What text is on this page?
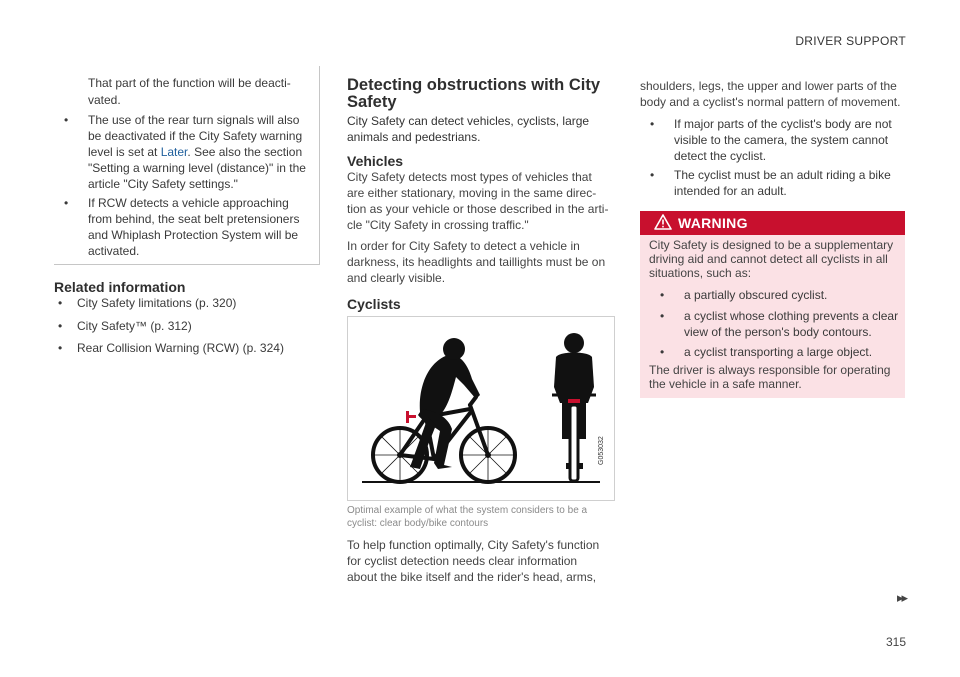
DRIVER SUPPORT
That part of the function will be deacti-
vated.
• The use of the rear turn signals will also
be deactivated if the City Safety warning
level is set at Later. See also the section
"Setting a warning level (distance)" in the
article "City Safety settings."
• If RCW detects a vehicle approaching
from behind, the seat belt pretensioners
and Whiplash Protection System will be
activated.
Related information
• City Safety limitations (p. 320)
• City Safety™ (p. 312)
• Rear Collision Warning (RCW) (p. 324)
Detecting obstructions with City
Safety
City Safety can detect vehicles, cyclists, large
animals and pedestrians.
Vehicles
City Safety detects most types of vehicles that
are either stationary, moving in the same direc-
tion as your vehicle or those described in the arti-
cle "City Safety in crossing traffic."
In order for City Safety to detect a vehicle in
darkness, its headlights and taillights must be on
and clearly visible.
Cyclists
G053032
Optimal example of what the system considers to be a
cyclist: clear body/bike contours
To help function optimally, City Safety's function
for cyclist detection needs clear information
about the bike itself and the rider's head, arms,
shoulders, legs, the upper and lower parts of the
body and a cyclist's normal pattern of movement.
• If major parts of the cyclist's body are not
visible to the camera, the system cannot
detect the cyclist.
• The cyclist must be an adult riding a bike
intended for an adult.
WARNING
City Safety is designed to be a supplementary
driving aid and cannot detect all cyclists in all
situations, such as:
• a partially obscured cyclist.
• a cyclist whose clothing prevents a clear
view of the person's body contours.
• a cyclist transporting a large object.
The driver is always responsible for operating
the vehicle in a safe manner.
▸▸
315
